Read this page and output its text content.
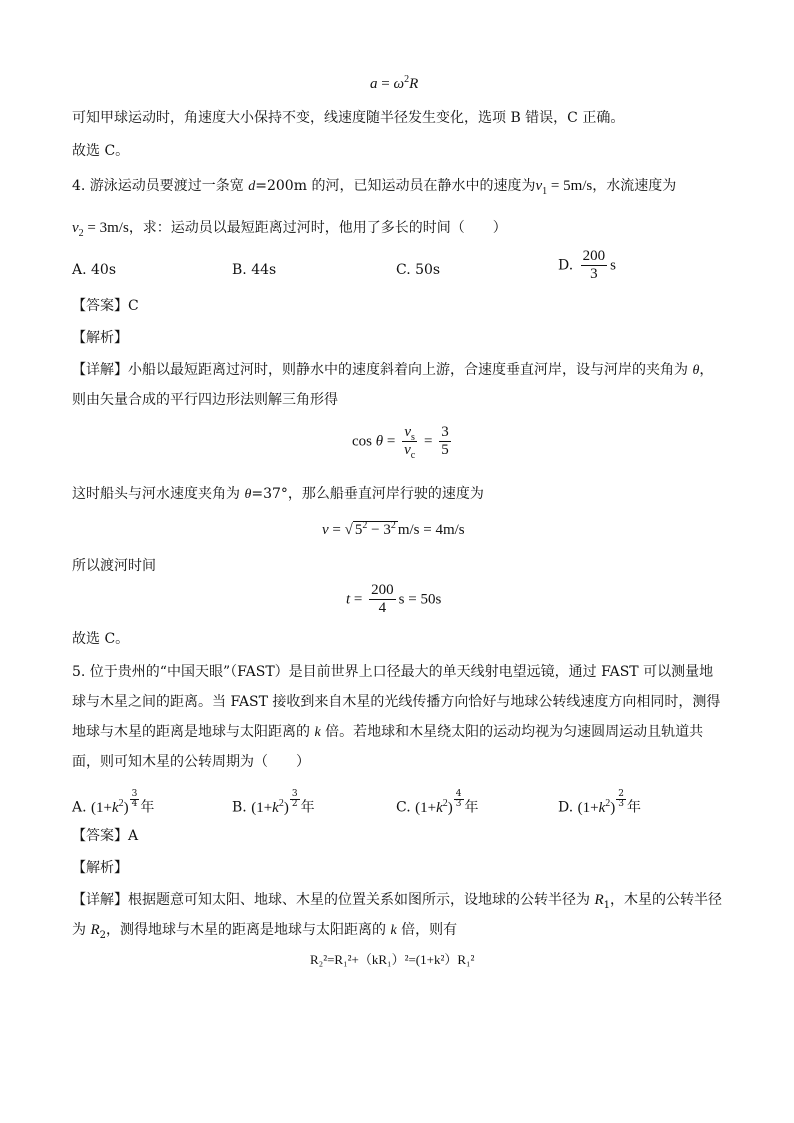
$a = \omega^2R$
可知甲球运动时，角速度大小保持不变，线速度随半径发生变化，选项 B 错误，C 正确。
故选 C。
4. 游泳运动员要渡过一条宽 d=200m 的河，已知运动员在静水中的速度为$v_1 = 5m/s$，水流速度为
$v_2 = 3m/s$，求：运动员以最短距离过河时，他用了多长的时间（　　）
A. 40s	B. 44s	C. 50s	D. $\frac{200}{3}$ s
【答案】C
【解析】
【详解】小船以最短距离过河时，则静水中的速度斜着向上游，合速度垂直河岸，设与河岸的夹角为 θ，
则由矢量合成的平行四边形法则解三角形得
$\cos \theta = \frac{v_s}{v_c} = \frac{3}{5}$
这时船头与河水速度夹角为 θ=37°，那么船垂直河岸行驶的速度为
v = √ $5^2 - 3^2$ m/s = 4m/s
所以渡河时间
$t = \frac{200}{4}$ s = 50s
故选 C。
5. 位于贵州的“中国天眼”（FAST）是目前世界上口径最大的单天线射电望远镜，通过 FAST 可以测量地
球与木星之间的距离。当 FAST 接收到来自木星的光线传播方向恰好与地球公转线速度方向相同时，测得
地球与木星的距离是地球与太阳距离的 k 倍。若地球和木星绕太阳的运动均视为匀速圆周运动且轨道共
面，则可知木星的公转周期为（　　）
A. $(1+k^2) \frac{3}{4}$ 年	B. $(1+k^2) \frac{3}{2}$ 年	C. $(1+k^2) \frac{4}{3}$ 年	D. $(1+k^2) \frac{2}{3}$ 年
【答案】A
【解析】
【详解】根据题意可知太阳、地球、木星的位置关系如图所示，设地球的公转半径为 $R_1$，木星的公转半径
为 $R_2$，测得地球与木星的距离是地球与太阳距离的 k 倍，则有
R₂²=R₁²+（kR₁）²=(1+k²）R₁²
